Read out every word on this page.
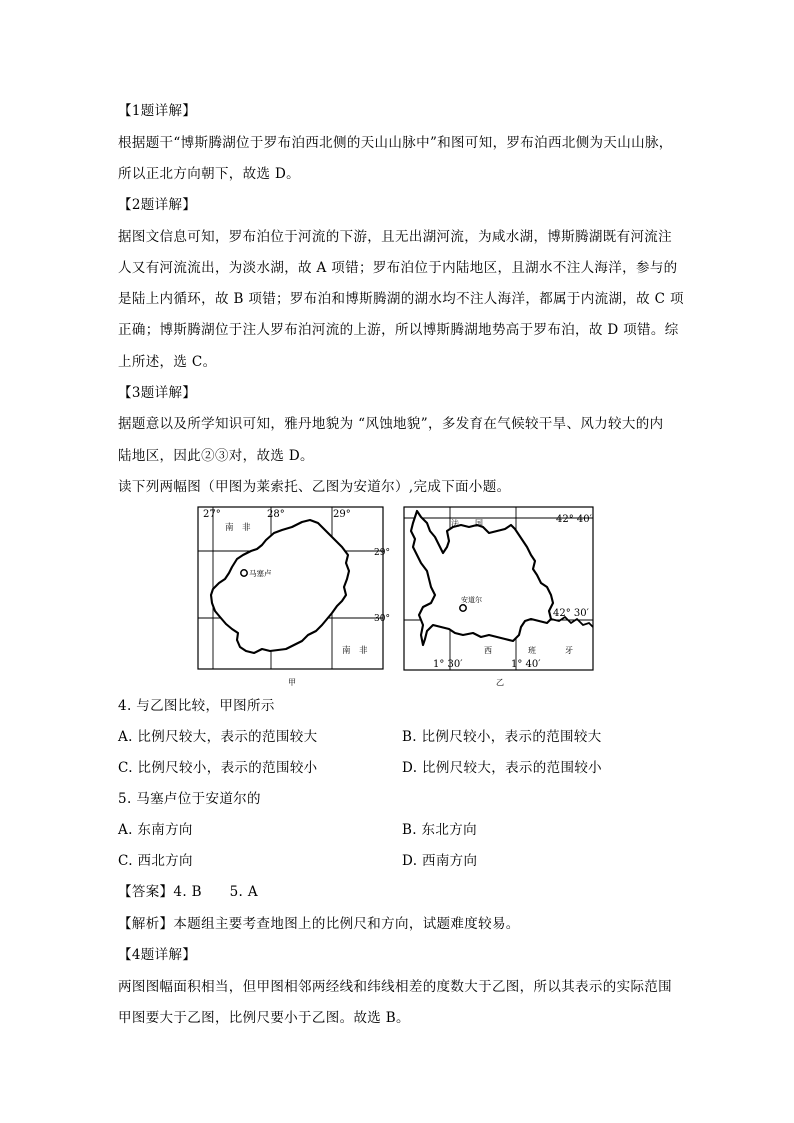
【1题详解】
根据题干“博斯腾湖位于罗布泊西北侧的天山山脉中”和图可知，罗布泊西北侧为天山山脉，
所以正北方向朝下，故选 D。
【2题详解】
据图文信息可知，罗布泊位于河流的下游，且无出湖河流，为咸水湖，博斯腾湖既有河流注
人又有河流流出，为淡水湖，故 A 项错；罗布泊位于内陆地区，且湖水不注人海洋，参与的
是陆上内循环，故 B 项错；罗布泊和博斯腾湖的湖水均不注人海洋，都属于内流湖，故 C 项
正确；博斯腾湖位于注人罗布泊河流的上游，所以博斯腾湖地势高于罗布泊，故 D 项错。综
上所述，选 C。
【3题详解】
据题意以及所学知识可知，雅丹地貌为 “风蚀地貌”，多发育在气候较干旱、风力较大的内
陆地区，因此②③对，故选 D。
读下列两幅图（甲图为莱索托、乙图为安道尔）,完成下面小题。
马塞卢
27°	28°	29°
南　非
29°
30°
南　非
甲
安道尔
法　　国	42° 40′
42° 30′
西	班	牙
1° 30′	1° 40′
乙
4. 与乙图比较，甲图所示
A. 比例尺较大，表示的范围较大	B. 比例尺较小，表示的范围较大
C. 比例尺较小，表示的范围较小	D. 比例尺较大，表示的范围较小
5. 马塞卢位于安道尔的
A. 东南方向	B. 东北方向
C. 西北方向	D. 西南方向
【答案】4. B　　5. A
【解析】本题组主要考查地图上的比例尺和方向，试题难度较易。
【4题详解】
两图图幅面积相当，但甲图相邻两经线和纬线相差的度数大于乙图，所以其表示的实际范围
甲图要大于乙图，比例尺要小于乙图。故选 B。
